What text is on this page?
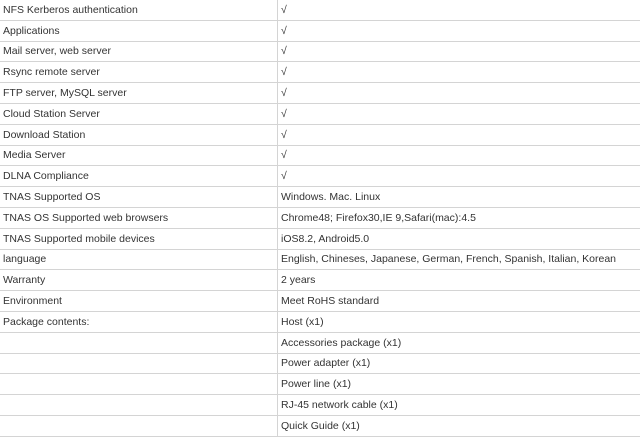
NFS Kerberos authentication	√
Applications	√
Mail server, web server	√
Rsync remote server	√
FTP server, MySQL server	√
Cloud Station Server	√
Download Station	√
Media Server	√
DLNA Compliance	√
TNAS Supported OS	Windows. Mac. Linux
TNAS OS Supported web browsers	Chrome48; Firefox30,IE 9,Safari(mac):4.5
TNAS Supported mobile devices	iOS8.2, Android5.0
language	English, Chineses, Japanese, German, French, Spanish, Italian, Korean
Warranty	2 years
Environment	Meet RoHS standard
Package contents:	Host (x1)
	Accessories package (x1)
	Power adapter (x1)
	Power line (x1)
	RJ-45 network cable (x1)
	Quick Guide (x1)
